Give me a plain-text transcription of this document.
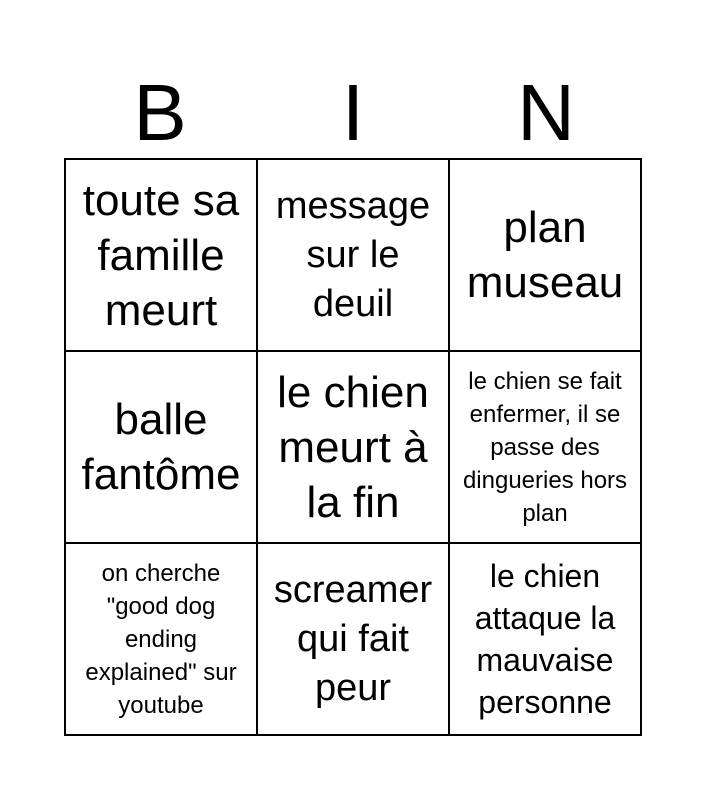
B	I	N
toute sa famille meurt
message sur le deuil
plan museau
balle fantôme
le chien meurt à la fin
le chien se fait enfermer, il se passe des dingueries hors plan
on cherche "good dog ending explained" sur youtube
screamer qui fait peur
le chien attaque la mauvaise personne
